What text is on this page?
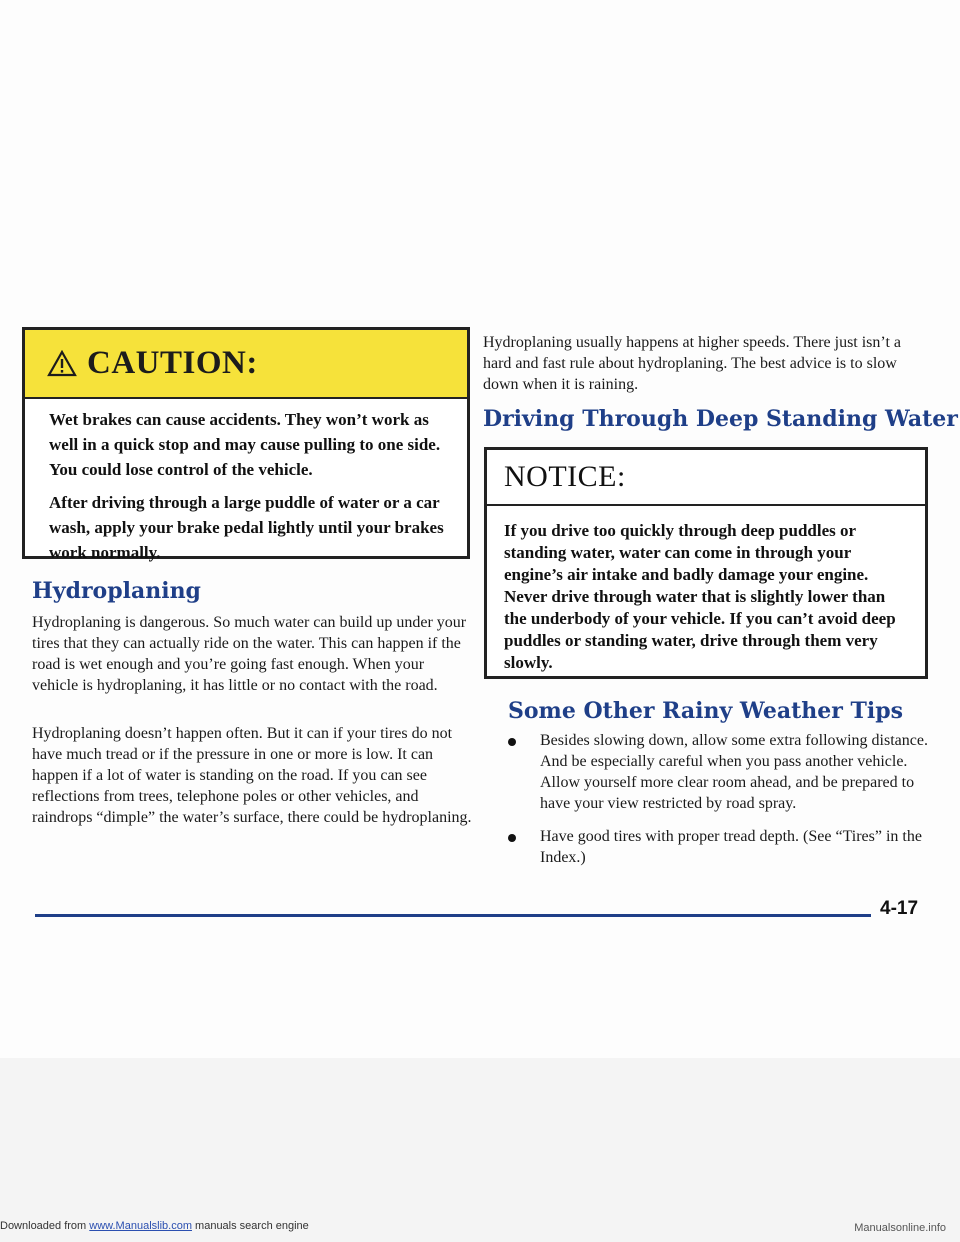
CAUTION:

Wet brakes can cause accidents. They won’t work as well in a quick stop and may cause pulling to one side. You could lose control of the vehicle.

After driving through a large puddle of water or a car wash, apply your brake pedal lightly until your brakes work normally.

Hydroplaning

Hydroplaning is dangerous. So much water can build up under your tires that they can actually ride on the water. This can happen if the road is wet enough and you’re going fast enough. When your vehicle is hydroplaning, it has little or no contact with the road.

Hydroplaning doesn’t happen often. But it can if your tires do not have much tread or if the pressure in one or more is low. It can happen if a lot of water is standing on the road. If you can see reflections from trees, telephone poles or other vehicles, and raindrops “dimple” the water’s surface, there could be hydroplaning.

Hydroplaning usually happens at higher speeds. There just isn’t a hard and fast rule about hydroplaning. The best advice is to slow down when it is raining.

Driving Through Deep Standing Water
NOTICE:

If you drive too quickly through deep puddles or standing water, water can come in through your engine’s air intake and badly damage your engine. Never drive through water that is slightly lower than the underbody of your vehicle. If you can’t avoid deep puddles or standing water, drive through them very slowly.

Some Other Rainy Weather Tips
Besides slowing down, allow some extra following distance. And be especially careful when you pass another vehicle. Allow yourself more clear room ahead, and be prepared to have your view restricted by road spray.
Have good tires with proper tread depth. (See “Tires” in the Index.)
4-17
Downloaded from www.Manualslib.com manuals search engine	Manualsonline.info
